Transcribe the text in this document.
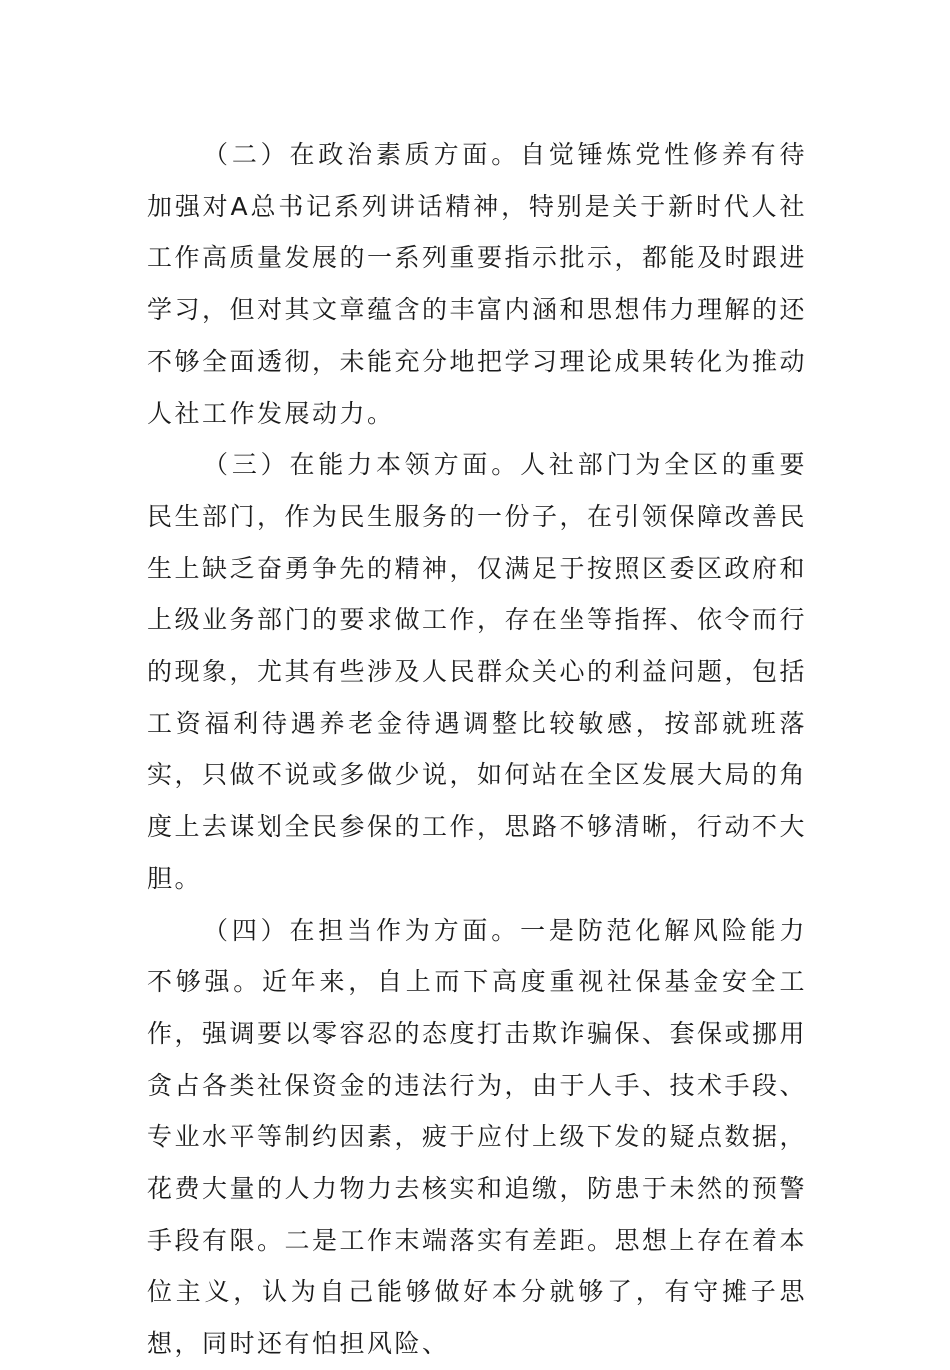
（二）在政治素质方面。自觉锤炼党性修养有待加强对A总书记系列讲话精神，特别是关于新时代人社工作高质量发展的一系列重要指示批示，都能及时跟进学习，但对其文章蕴含的丰富内涵和思想伟力理解的还不够全面透彻，未能充分地把学习理论成果转化为推动人社工作发展动力。

（三）在能力本领方面。人社部门为全区的重要民生部门，作为民生服务的一份子，在引领保障改善民生上缺乏奋勇争先的精神，仅满足于按照区委区政府和上级业务部门的要求做工作，存在坐等指挥、依令而行的现象，尤其有些涉及人民群众关心的利益问题，包括工资福利待遇养老金待遇调整比较敏感，按部就班落实，只做不说或多做少说，如何站在全区发展大局的角度上去谋划全民参保的工作，思路不够清晰，行动不大胆。

（四）在担当作为方面。一是防范化解风险能力不够强。近年来，自上而下高度重视社保基金安全工作，强调要以零容忍的态度打击欺诈骗保、套保或挪用贪占各类社保资金的违法行为，由于人手、技术手段、专业水平等制约因素，疲于应付上级下发的疑点数据，花费大量的人力物力去核实和追缴，防患于未然的预警手段有限。二是工作末端落实有差距。思想上存在着本位主义，认为自己能够做好本分就够了，有守摊子思想，同时还有怕担风险、
